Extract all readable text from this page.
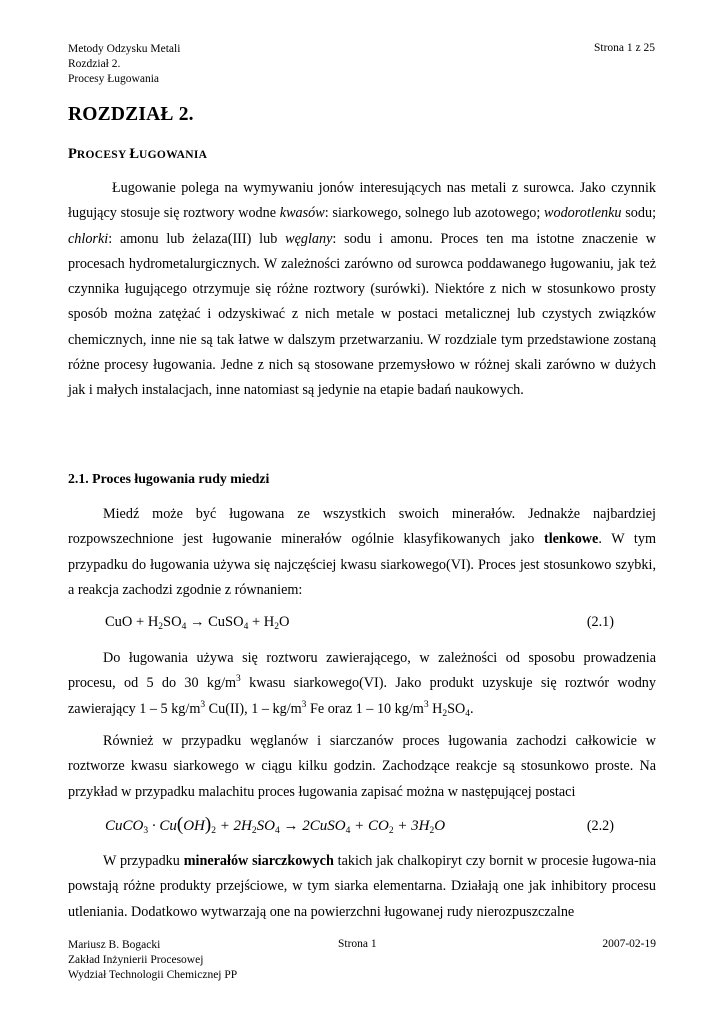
Metody Odzysku Metali
Rozdział 2.
Procesy Ługowania
Strona 1 z 25
ROZDZIAŁ 2.
PROCESY ŁUGOWANIA

Ługowanie polega na wymywaniu jonów interesujących nas metali z surowca. Jako czynnik ługujący stosuje się roztwory wodne kwasów: siarkowego, solnego lub azotowego; wodorotlenku sodu; chlorki: amonu lub żelaza(III) lub węglany: sodu i amonu. Proces ten ma istotne znaczenie w procesach hydrometalurgicznych. W zależności zarówno od surowca poddawanego ługowaniu, jak też czynnika ługującego otrzymuje się różne roztwory (surówki). Niektóre z nich w stosunkowo prosty sposób można zatężać i odzyskiwać z nich metale w postaci metalicznej lub czystych związków chemicznych, inne nie są tak łatwe w dalszym przetwarzaniu. W rozdziale tym przedstawione zostaną różne procesy ługowania. Jedne z nich są stosowane przemysłowo w różnej skali zarówno w dużych jak i małych instalacjach, inne natomiast są jedynie na etapie badań naukowych.

2.1. Proces ługowania rudy miedzi

Miedź może być ługowana ze wszystkich swoich minerałów. Jednakże najbardziej rozpowszechnione jest ługowanie minerałów ogólnie klasyfikowanych jako tlenkowe. W tym przypadku do ługowania używa się najczęściej kwasu siarkowego(VI). Proces jest stosunkowo szybki, a reakcja zachodzi zgodnie z równaniem:

CuO + $H_2SO_4$ → CuSO$_4$ + $H_2O$	(2.1)

Do ługowania używa się roztworu zawierającego, w zależności od sposobu prowadzenia procesu, od 5 do 30 $kg/m^3$ kwasu siarkowego(VI). Jako produkt uzyskuje się roztwór wodny zawierający 1 – 5 $kg/m^3$ Cu(II), $1 - kg/m^3$ Fe oraz 1 – 10 $kg/m^3$ $H_2SO_4$.

Również w przypadku węglanów i siarczanów proces ługowania zachodzi całkowicie w roztworze kwasu siarkowego w ciągu kilku godzin. Zachodzące reakcje są stosunkowo proste. Na przykład w przypadku malachitu proces ługowania zapisać można w następującej postaci

CuCO$_3$ · $Cu(OH)_2 + 2H_2SO_4$ → 2CuSO$_4$ + $CO_2 + 3H_2O$	(2.2)

W przypadku minerałów siarczkowych takich jak chalkopiryt czy bornit w procesie ługowa-nia powstają różne produkty przejściowe, w tym siarka elementarna. Działają one jak inhibitory procesu utleniania. Dodatkowo wytwarzają one na powierzchni ługowanej rudy nierozpuszczalne

Mariusz B. Bogacki
Zakład Inżynierii Procesowej
Wydział Technologii Chemicznej PP
Strona 1	2007-02-19
